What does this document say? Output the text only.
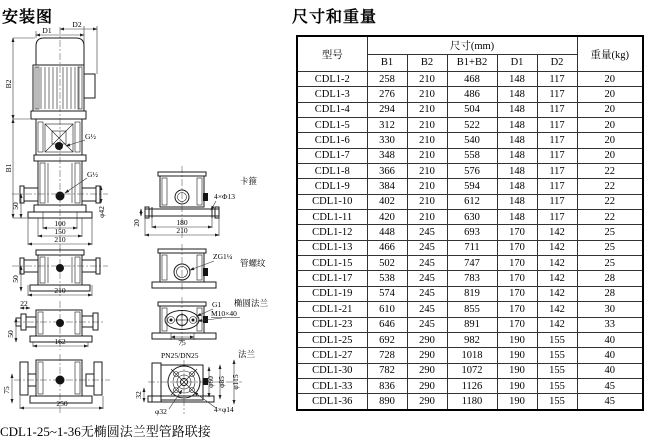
安装图	尺寸和重量
D1
D2
B2
B1
G½
G½
50
φ42
100
150
210
50
210
22
50
162
75
250
卡箍
4×Φ13
20	180
210
ZG1¼
管螺纹
G1
M10×40
椭圆法兰
75
PN25/DN25	法兰
φ60 φ85 φ115
32
φ32	4×φ14
CDL1-25~1-36无椭圆法兰型管路联接
型号	尺寸(mm)					重量(kg)
	B1	B2	B1+B2	D1	D2	
CDL1-2	258	210	468	148	117	20
CDL1-3	276	210	486	148	117	20
CDL1-4	294	210	504	148	117	20
CDL1-5	312	210	522	148	117	20
CDL1-6	330	210	540	148	117	20
CDL1-7	348	210	558	148	117	20
CDL1-8	366	210	576	148	117	22
CDL1-9	384	210	594	148	117	22
CDL1-10	402	210	612	148	117	22
CDL1-11	420	210	630	148	117	22
CDL1-12	448	245	693	170	142	25
CDL1-13	466	245	711	170	142	25
CDL1-15	502	245	747	170	142	25
CDL1-17	538	245	783	170	142	28
CDL1-19	574	245	819	170	142	28
CDL1-21	610	245	855	170	142	30
CDL1-23	646	245	891	170	142	33
CDL1-25	692	290	982	190	155	40
CDL1-27	728	290	1018	190	155	40
CDL1-30	782	290	1072	190	155	40
CDL1-33	836	290	1126	190	155	45
CDL1-36	890	290	1180	190	155	45
